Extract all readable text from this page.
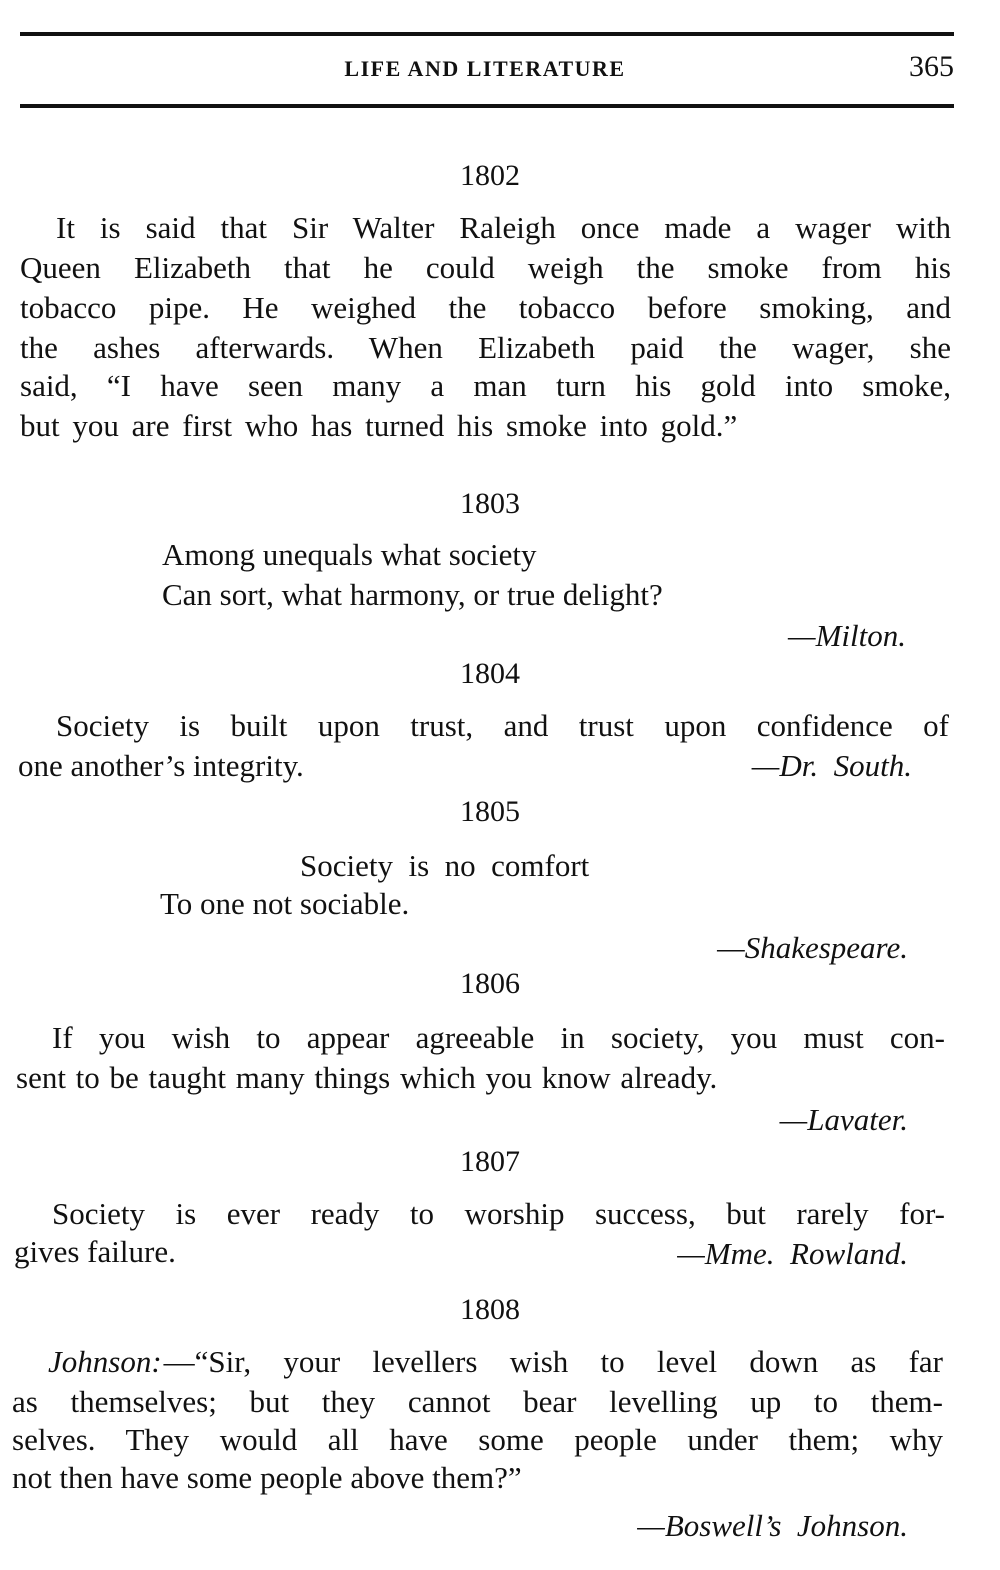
LIFE AND LITERATURE	365
1802
It is said that Sir Walter Raleigh once made a wager with
Queen Elizabeth that he could weigh the smoke from his
tobacco pipe. He weighed the tobacco before smoking, and
the ashes afterwards. When Elizabeth paid the wager, she
said, “I have seen many a man turn his gold into smoke,
but you are first who has turned his smoke into gold.”
1803
Among unequals what society
Can sort, what harmony, or true delight?
—Milton.
1804
Society is built upon trust, and trust upon confidence of
one another’s integrity.	—Dr.  South.
1805
Society  is  no  comfort
To one not sociable.
—Shakespeare.
1806
If you wish to appear agreeable in society, you must con-
sent to be taught many things which you know already.
—Lavater.
1807
Society is ever ready to worship success, but rarely for-
gives failure.	—Mme.  Rowland.
1808
Johnson: —“Sir, your levellers wish to level down as far
as themselves; but they cannot bear levelling up to them-
selves. They would all have some people under them; why
not then have some people above them?”
—Boswell’s  Johnson.
